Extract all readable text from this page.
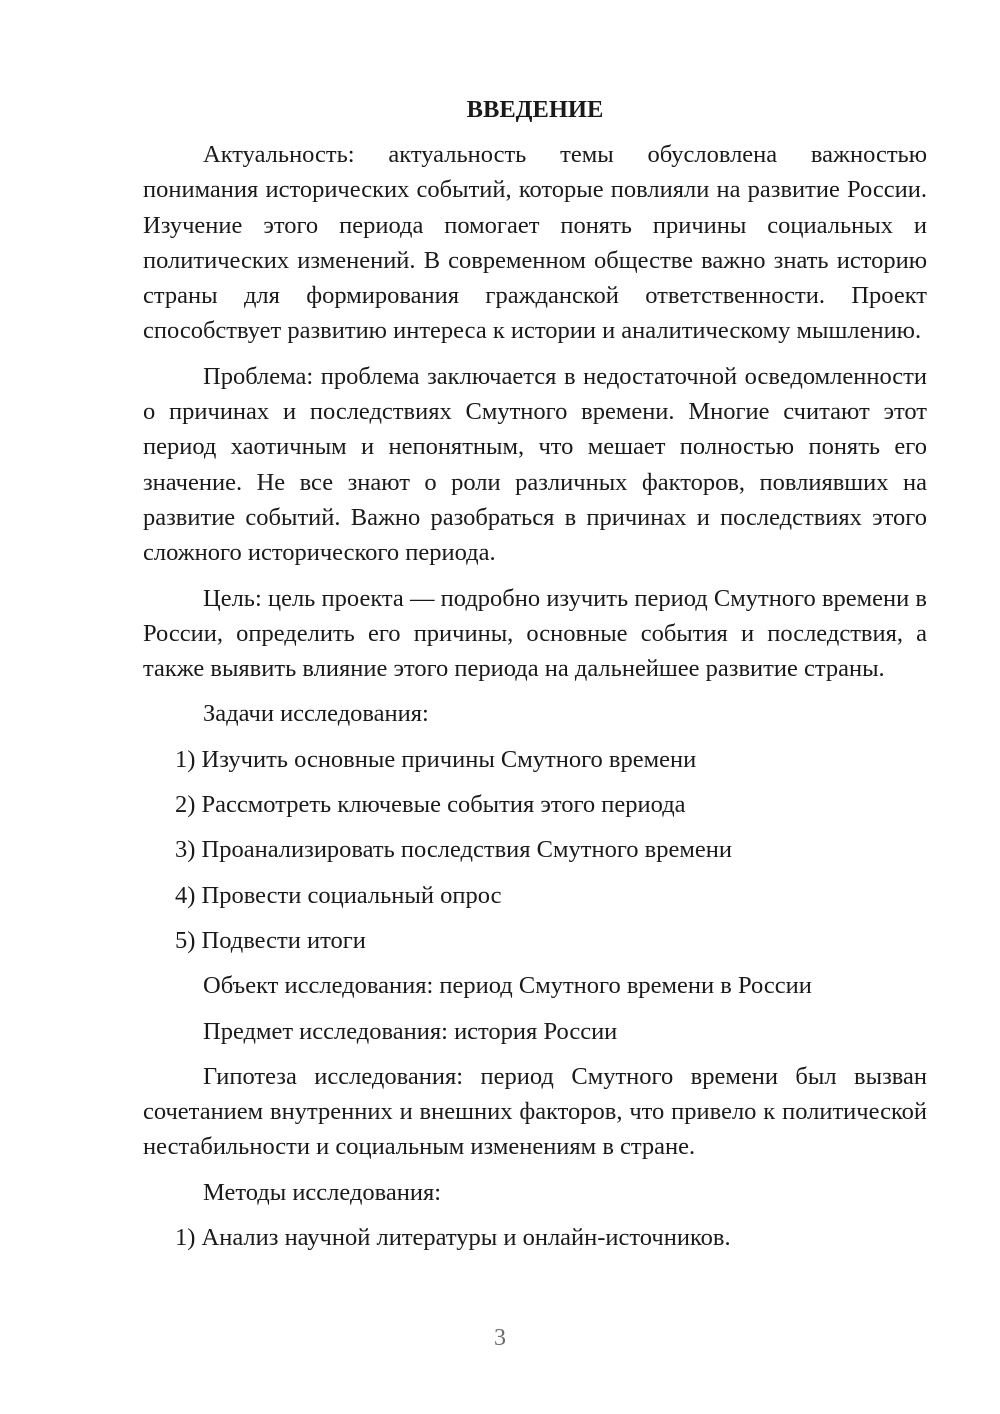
ВВЕДЕНИЕ

Актуальность: актуальность темы обусловлена важностью понимания исторических событий, которые повлияли на развитие России. Изучение этого периода помогает понять причины социальных и политических изменений. В современном обществе важно знать историю страны для формирования гражданской ответственности. Проект способствует развитию интереса к истории и аналитическому мышлению.

Проблема: проблема заключается в недостаточной осведомленности о причинах и последствиях Смутного времени. Многие считают этот период хаотичным и непонятным, что мешает полностью понять его значение. Не все знают о роли различных факторов, повлиявших на развитие событий. Важно разобраться в причинах и последствиях этого сложного исторического периода.

Цель: цель проекта — подробно изучить период Смутного времени в России, определить его причины, основные события и последствия, а также выявить влияние этого периода на дальнейшее развитие страны.

Задачи исследования:
1) Изучить основные причины Смутного времени
2) Рассмотреть ключевые события этого периода
3) Проанализировать последствия Смутного времени
4) Провести социальный опрос
5) Подвести итоги
Объект исследования: период Смутного времени в России
Предмет исследования: история России

Гипотеза исследования: период Смутного времени был вызван сочетанием внутренних и внешних факторов, что привело к политической нестабильности и социальным изменениям в стране.

Методы исследования:
1) Анализ научной литературы и онлайн-источников.
3
